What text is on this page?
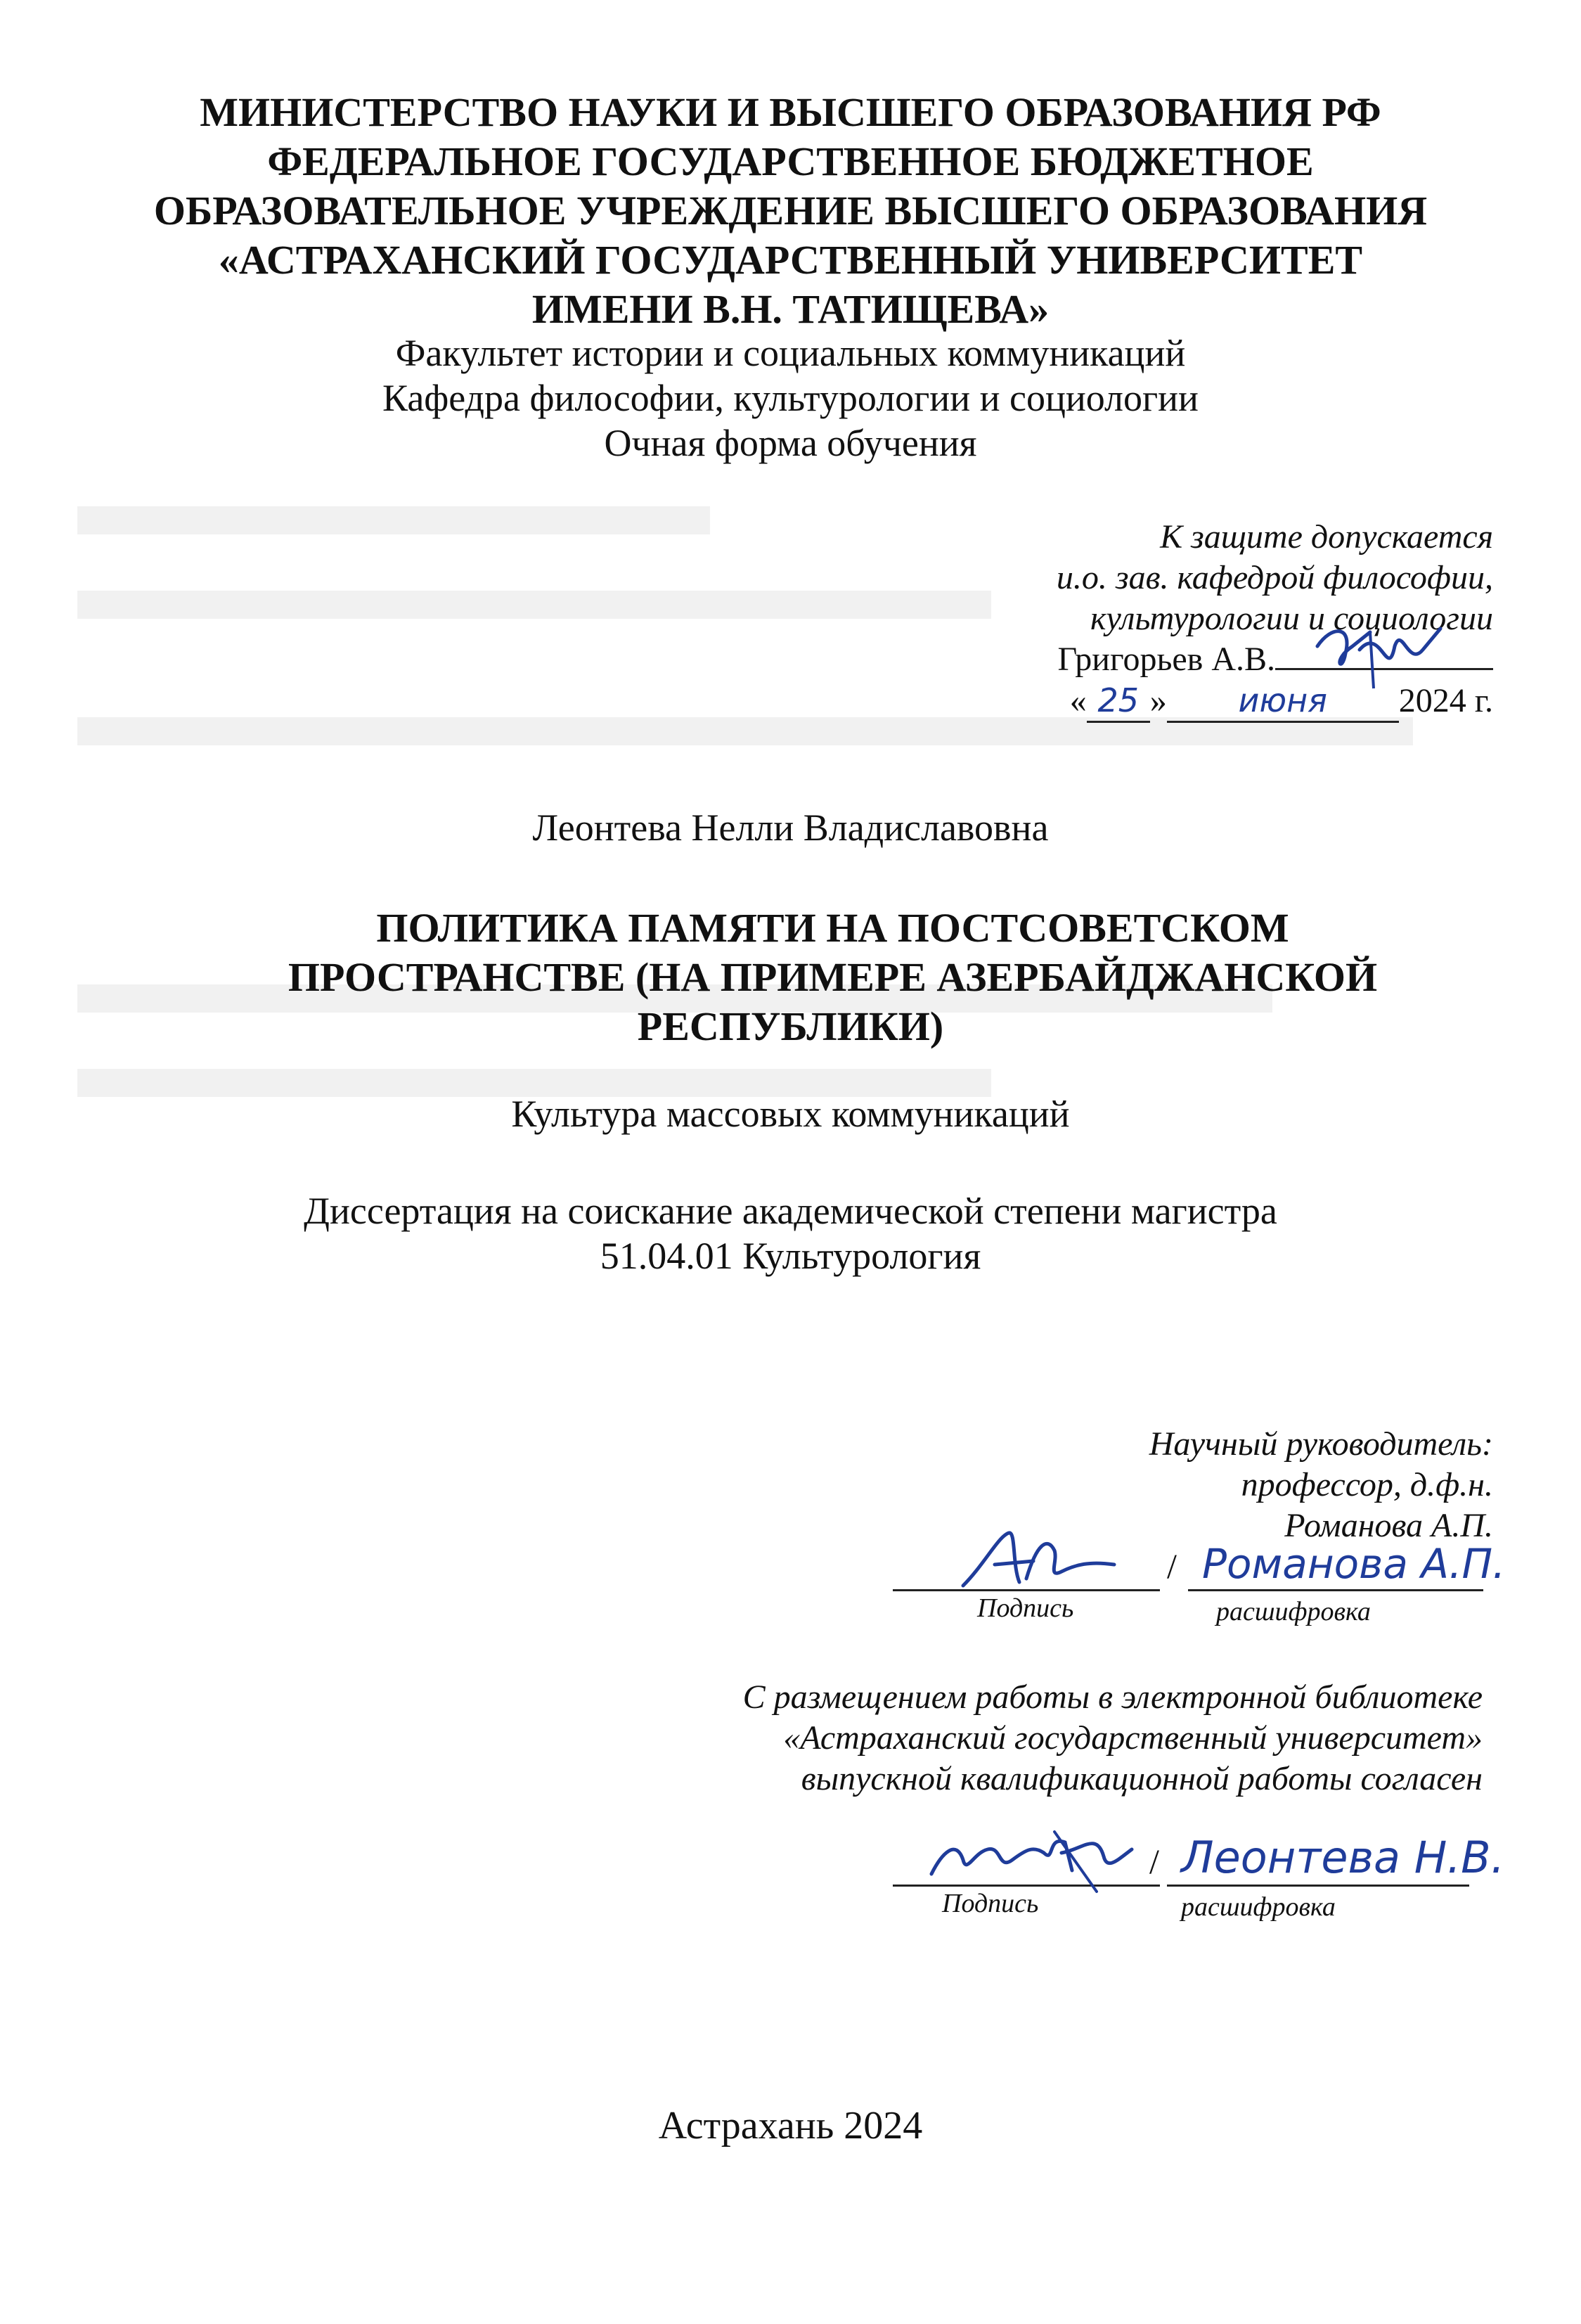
МИНИСТЕРСТВО НАУКИ И ВЫСШЕГО ОБРАЗОВАНИЯ РФ
ФЕДЕРАЛЬНОЕ ГОСУДАРСТВЕННОЕ БЮДЖЕТНОЕ
ОБРАЗОВАТЕЛЬНОЕ УЧРЕЖДЕНИЕ ВЫСШЕГО ОБРАЗОВАНИЯ
«АСТРАХАНСКИЙ ГОСУДАРСТВЕННЫЙ УНИВЕРСИТЕТ
ИМЕНИ В.Н. ТАТИЩЕВА»
Факультет истории и социальных коммуникаций
Кафедра философии, культурологии и социологии
Очная форма обучения
К защите допускается
и.о. зав. кафедрой философии,
культурологии и социологии
Григорьев А.В.
« 25 » июня 2024 г.
Леонтева Нелли Владиславовна
ПОЛИТИКА ПАМЯТИ НА ПОСТСОВЕТСКОМ
ПРОСТРАНСТВЕ (НА ПРИМЕРЕ АЗЕРБАЙДЖАНСКОЙ
РЕСПУБЛИКИ)
Культура массовых коммуникаций
Диссертация на соискание академической степени магистра
51.04.01 Культурология
Научный руководитель:
профессор, д.ф.н.
Романова А.П.
/ Романова А.П.
Подпись	расшифровка
С размещением работы в электронной библиотеке
«Астраханский государственный университет»
выпускной квалификационной работы согласен
/ Леонтева Н.В.
Подпись	расшифровка
Астрахань 2024
